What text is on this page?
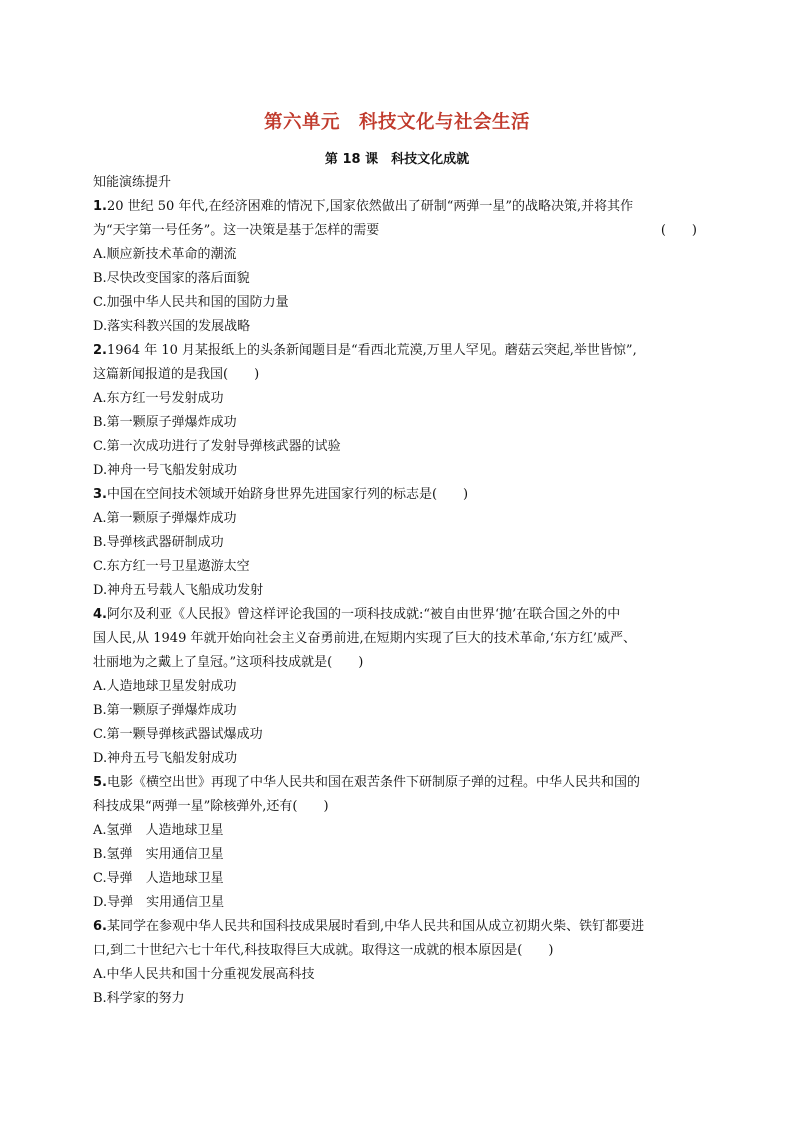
第六单元　科技文化与社会生活
第 18 课　科技文化成就
知能演练提升
1.20 世纪 50 年代,在经济困难的情况下,国家依然做出了研制“两弹一星”的战略决策,并将其作
为“天字第一号任务”。这一决策是基于怎样的需要	(　　)
A.顺应新技术革命的潮流
B.尽快改变国家的落后面貌
C.加强中华人民共和国的国防力量
D.落实科教兴国的发展战略
2.1964 年 10 月某报纸上的头条新闻题目是“看西北荒漠,万里人罕见。蘑菇云突起,举世皆惊”,
这篇新闻报道的是我国(　　)
A.东方红一号发射成功
B.第一颗原子弹爆炸成功
C.第一次成功进行了发射导弹核武器的试验
D.神舟一号飞船发射成功
3.中国在空间技术领域开始跻身世界先进国家行列的标志是(　　)
A.第一颗原子弹爆炸成功
B.导弹核武器研制成功
C.东方红一号卫星遨游太空
D.神舟五号载人飞船成功发射
4.阿尔及利亚《人民报》曾这样评论我国的一项科技成就:“被自由世界‘抛’在联合国之外的中
国人民,从 1949 年就开始向社会主义奋勇前进,在短期内实现了巨大的技术革命,‘东方红’威严、
壮丽地为之戴上了皇冠。”这项科技成就是(　　)
A.人造地球卫星发射成功
B.第一颗原子弹爆炸成功
C.第一颗导弹核武器试爆成功
D.神舟五号飞船发射成功
5.电影《横空出世》再现了中华人民共和国在艰苦条件下研制原子弹的过程。中华人民共和国的
科技成果“两弹一星”除核弹外,还有(　　)
A.氢弹　人造地球卫星
B.氢弹　实用通信卫星
C.导弹　人造地球卫星
D.导弹　实用通信卫星
6.某同学在参观中华人民共和国科技成果展时看到,中华人民共和国从成立初期火柴、铁钉都要进
口,到二十世纪六七十年代,科技取得巨大成就。取得这一成就的根本原因是(　　)
A.中华人民共和国十分重视发展高科技
B.科学家的努力
